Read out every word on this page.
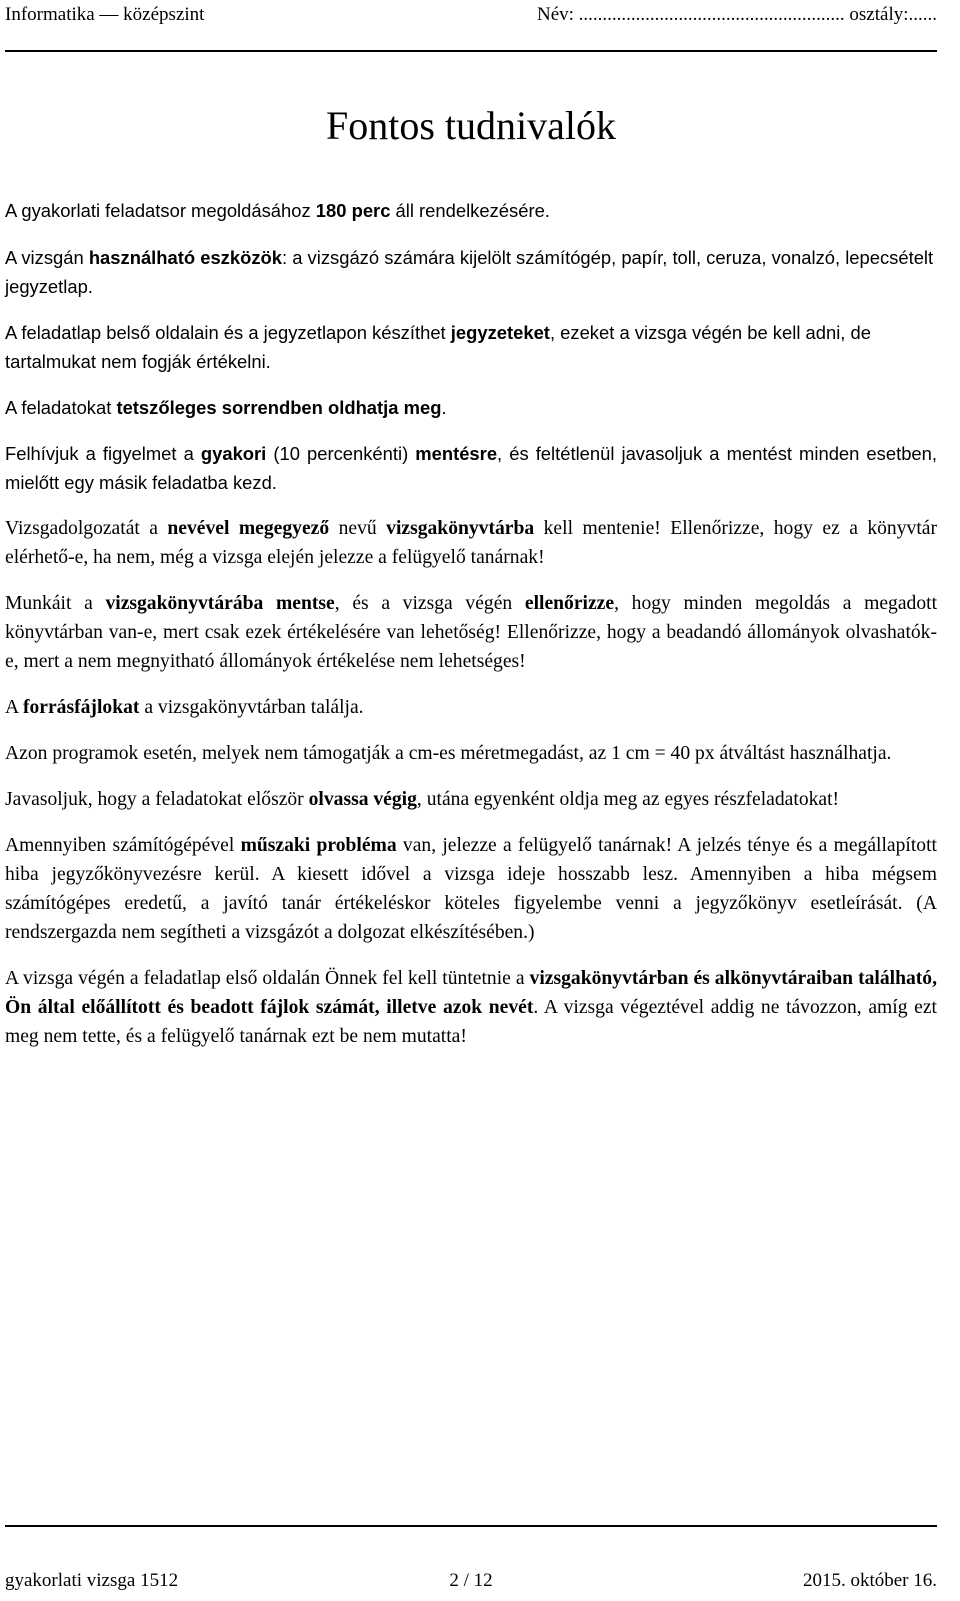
Informatika — középszint	Név: ........................................................ osztály:......
Fontos tudnivalók

A gyakorlati feladatsor megoldásához 180 perc áll rendelkezésére.

A vizsgán használható eszközök: a vizsgázó számára kijelölt számítógép, papír, toll, ceruza, vonalzó, lepecsételt jegyzetlap.

A feladatlap belső oldalain és a jegyzetlapon készíthet jegyzeteket, ezeket a vizsga végén be kell adni, de tartalmukat nem fogják értékelni.

A feladatokat tetszőleges sorrendben oldhatja meg.

Felhívjuk a figyelmet a gyakori (10 percenkénti) mentésre, és feltétlenül javasoljuk a mentést minden esetben, mielőtt egy másik feladatba kezd.

Vizsgadolgozatát a nevével megegyező nevű vizsgakönyvtárba kell mentenie! Ellenőrizze, hogy ez a könyvtár elérhető-e, ha nem, még a vizsga elején jelezze a felügyelő tanárnak!

Munkáit a vizsgakönyvtárába mentse, és a vizsga végén ellenőrizze, hogy minden megoldás a megadott könyvtárban van-e, mert csak ezek értékelésére van lehetőség! Ellenőrizze, hogy a beadandó állományok olvashatók-e, mert a nem megnyitható állományok értékelése nem lehetséges!

A forrásfájlokat a vizsgakönyvtárban találja.

Azon programok esetén, melyek nem támogatják a cm-es méretmegadást, az 1 cm = 40 px átváltást használhatja.

Javasoljuk, hogy a feladatokat először olvassa végig, utána egyenként oldja meg az egyes részfeladatokat!

Amennyiben számítógépével műszaki probléma van, jelezze a felügyelő tanárnak! A jelzés ténye és a megállapított hiba jegyzőkönyvezésre kerül. A kiesett idővel a vizsga ideje hosszabb lesz. Amennyiben a hiba mégsem számítógépes eredetű, a javító tanár értékeléskor köteles figyelembe venni a jegyzőkönyv esetleírását. (A rendszergazda nem segítheti a vizsgázót a dolgozat elkészítésében.)

A vizsga végén a feladatlap első oldalán Önnek fel kell tüntetnie a vizsgakönyvtárban és alkönyvtáraiban található, Ön által előállított és beadott fájlok számát, illetve azok nevét. A vizsga végeztével addig ne távozzon, amíg ezt meg nem tette, és a felügyelő tanárnak ezt be nem mutatta!

gyakorlati vizsga 1512	2 / 12	2015. október 16.
